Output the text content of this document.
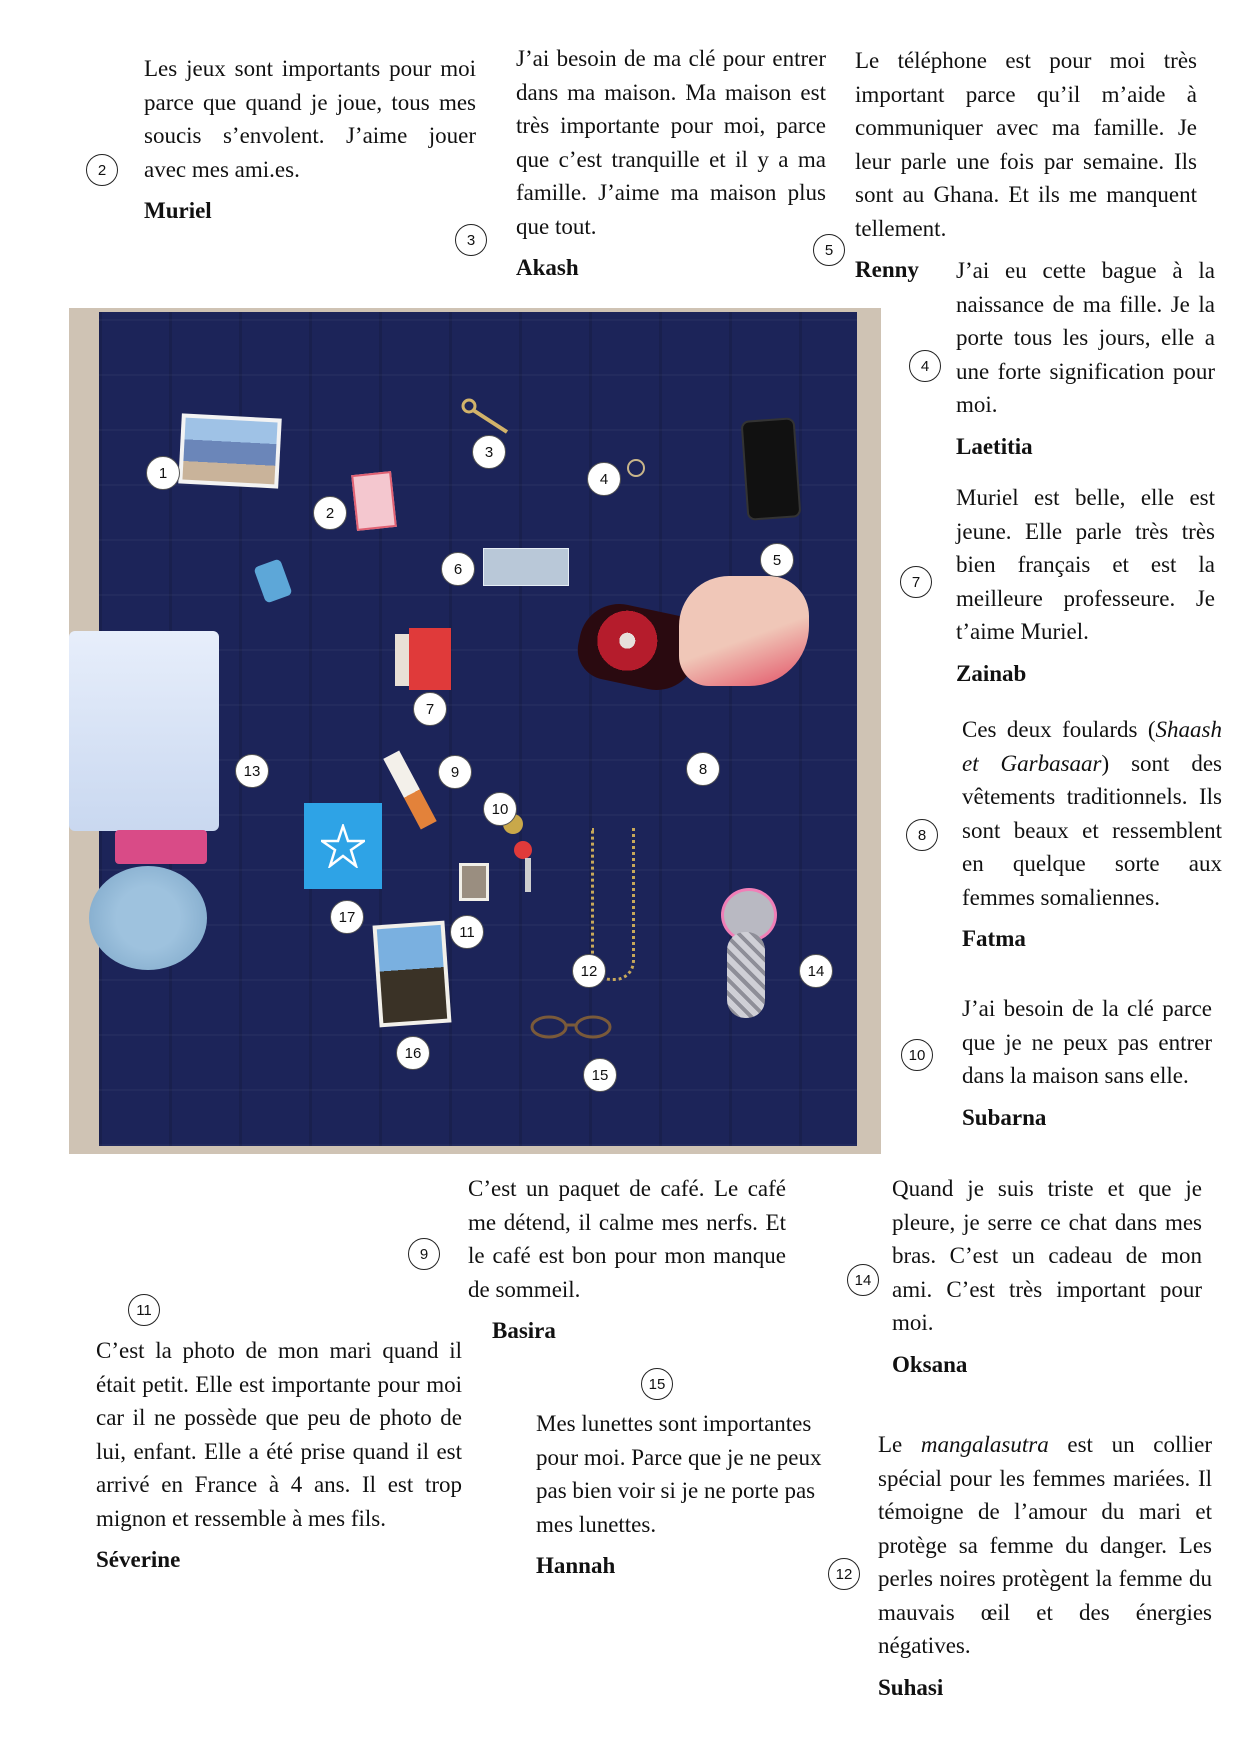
2

Les jeux sont importants pour moi parce que quand je joue, tous mes soucis s’envolent. J’aime jouer avec mes ami.es.

Muriel

3

J’ai besoin de ma clé pour entrer dans ma maison. Ma maison est très importante pour moi, parce que c’est tranquille et il y a ma famille. J’aime ma maison plus que tout.

Akash

5

Le téléphone est pour moi très important parce qu’il m’aide à communiquer avec ma famille. Je leur parle une fois par semaine. Ils sont au Ghana. Et ils me manquent tellement.

Renny

4

J’ai eu cette bague à la naissance de ma fille. Je la porte tous les jours, elle a une forte signification pour moi.

Laetitia

7

Muriel est belle, elle est jeune. Elle parle très très bien français et est la meilleure professeure. Je t’aime Muriel.

Zainab

8

Ces deux foulards (Shaash et Garbasaar) sont des vêtements traditionnels. Ils sont beaux et ressemblent en quelque sorte aux femmes somaliennes.

Fatma

10

J’ai besoin de la clé parce que je ne peux pas entrer dans la maison sans elle.

Subarna

9

C’est un paquet de café. Le café me détend, il calme mes nerfs. Et le café est bon pour mon manque de sommeil.

Basira

14

Quand je suis triste et que je pleure, je serre ce chat dans mes bras. C’est un cadeau de mon ami. C’est très important pour moi.

Oksana

11

C’est la photo de mon mari quand il était petit. Elle est importante pour moi car il ne possède que peu de photo de lui, enfant. Elle a été prise quand il est arrivé en France à 4 ans. Il est trop mignon et ressemble à mes fils.

Séverine

15

Mes lunettes sont importantes pour moi. Parce que je ne peux pas bien voir si je ne porte pas mes lunettes.

Hannah	12

Le mangalasutra est un collier spécial pour les femmes mariées. Il témoigne de l’amour du mari et protège sa femme du danger. Les perles noires protègent la femme du mauvais œil et des énergies négatives.

Suhasi

1
2
3
4
5
6
7
8
9
10
11
12
13
14
15
16
17
